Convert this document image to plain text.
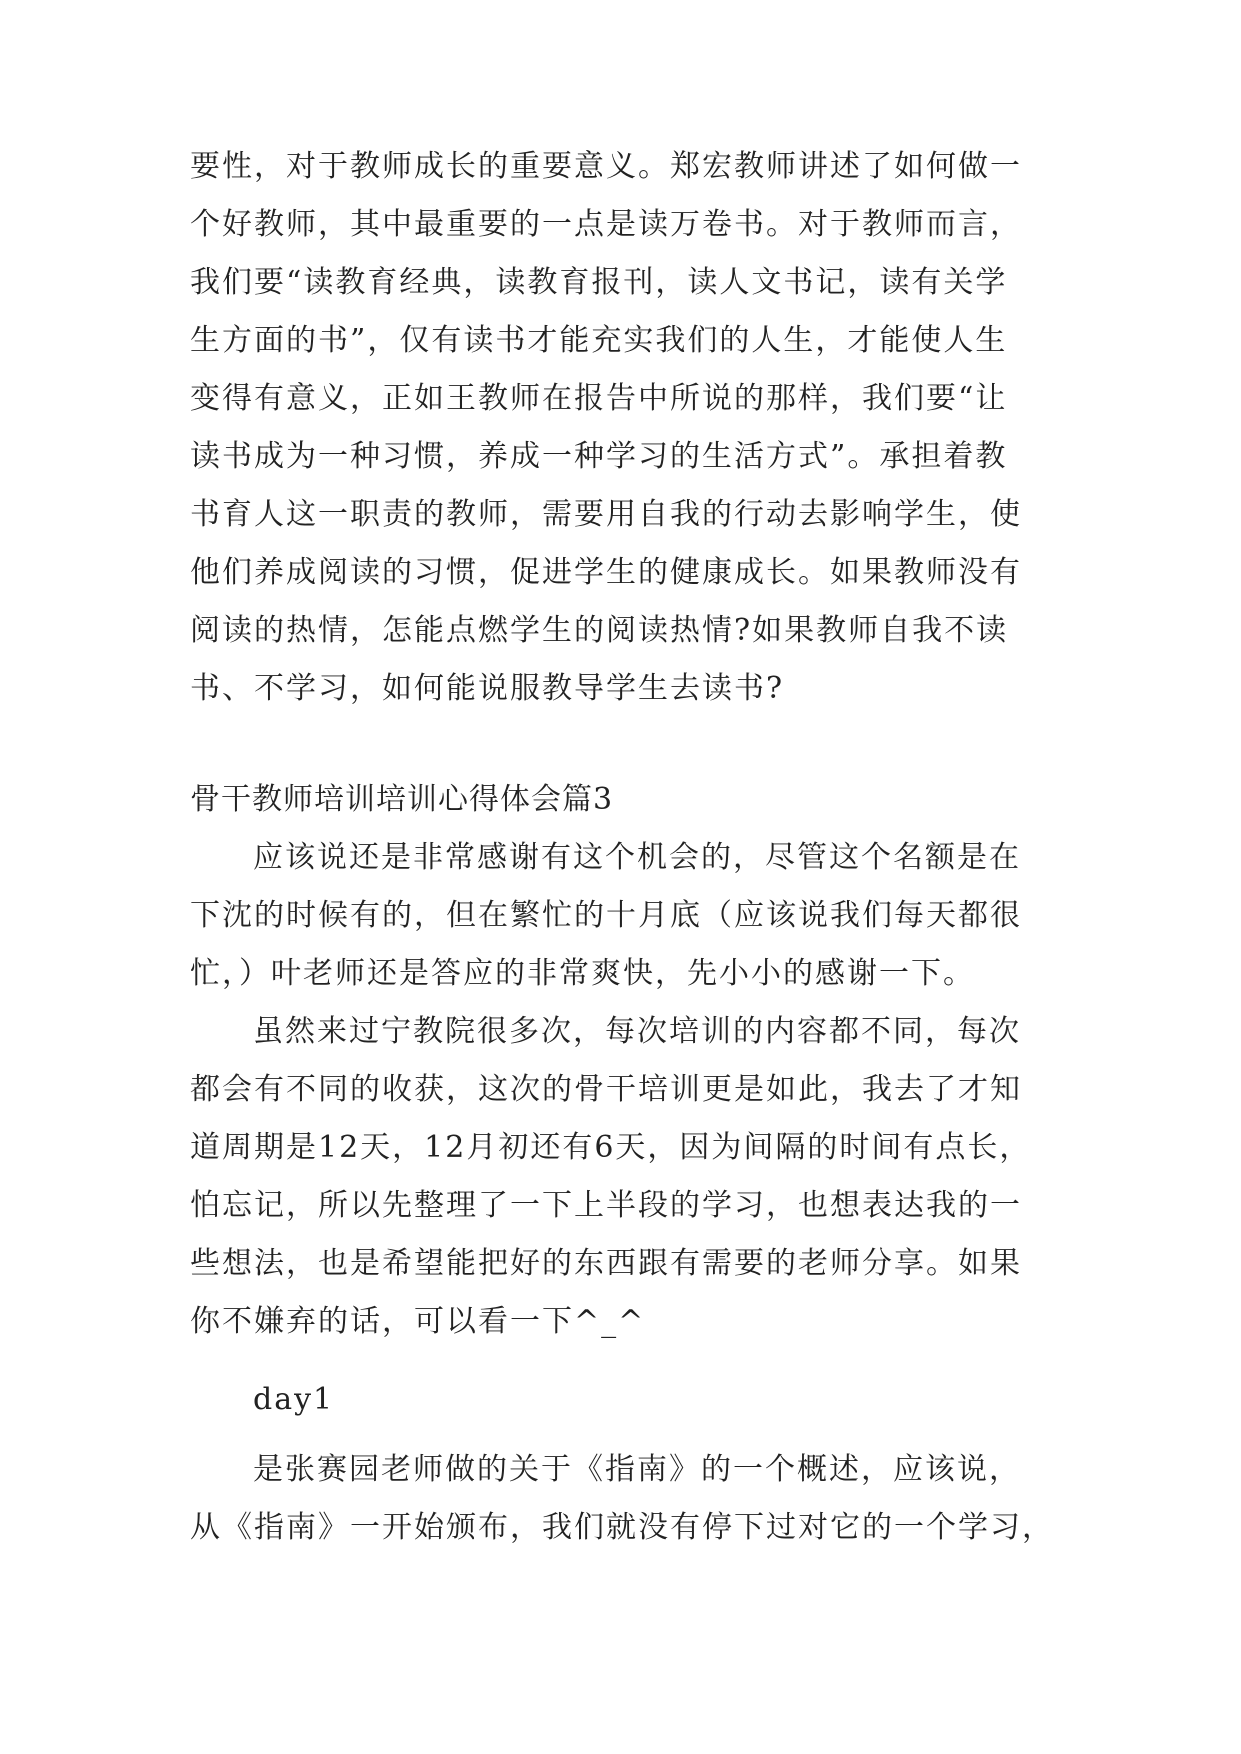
要性，对于教师成长的重要意义。郑宏教师讲述了如何做一
个好教师，其中最重要的一点是读万卷书。对于教师而言，
我们要“读教育经典，读教育报刊，读人文书记，读有关学
生方面的书”，仅有读书才能充实我们的人生，才能使人生
变得有意义，正如王教师在报告中所说的那样，我们要“让
读书成为一种习惯，养成一种学习的生活方式”。承担着教
书育人这一职责的教师，需要用自我的行动去影响学生，使
他们养成阅读的习惯，促进学生的健康成长。如果教师没有
阅读的热情，怎能点燃学生的阅读热情?如果教师自我不读
书、不学习，如何能说服教导学生去读书?
骨干教师培训培训心得体会篇3
应该说还是非常感谢有这个机会的，尽管这个名额是在
下沈的时候有的，但在繁忙的十月底（应该说我们每天都很
忙，）叶老师还是答应的非常爽快，先小小的感谢一下。
虽然来过宁教院很多次，每次培训的内容都不同，每次
都会有不同的收获，这次的骨干培训更是如此，我去了才知
道周期是12天，12月初还有6天，因为间隔的时间有点长，
怕忘记，所以先整理了一下上半段的学习，也想表达我的一
些想法，也是希望能把好的东西跟有需要的老师分享。如果
你不嫌弃的话，可以看一下^_^
day1
是张赛园老师做的关于《指南》的一个概述，应该说，
从《指南》一开始颁布，我们就没有停下过对它的一个学习，
